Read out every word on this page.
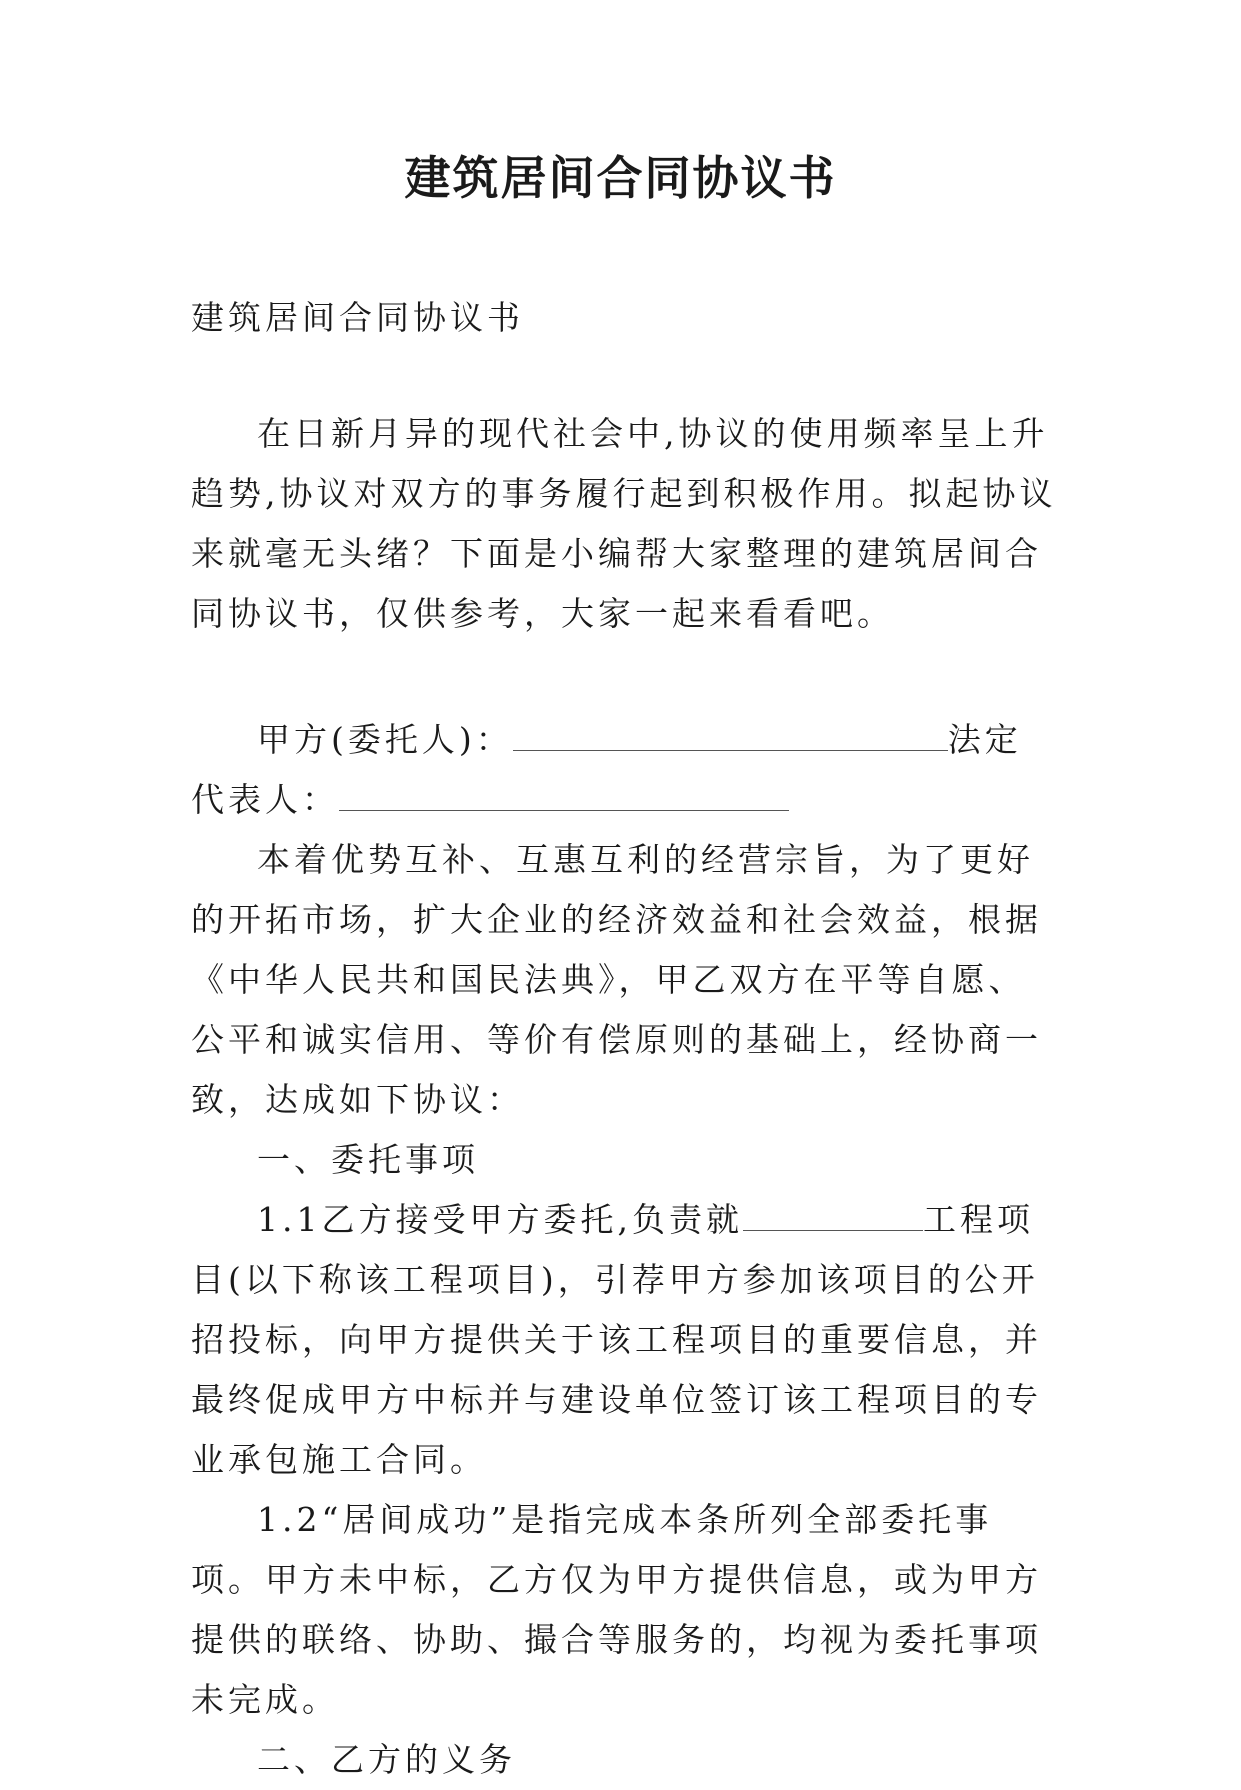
建筑居间合同协议书

建筑居间合同协议书

在日新月异的现代社会中,协议的使用频率呈上升趋势,协议对双方的事务履行起到积极作用。拟起协议来就毫无头绪？下面是小编帮大家整理的建筑居间合同协议书，仅供参考，大家一起来看看吧。

甲方(委托人)：	法定代表人：

本着优势互补、互惠互利的经营宗旨，为了更好的开拓市场，扩大企业的经济效益和社会效益，根据《中华人民共和国民法典》，甲乙双方在平等自愿、公平和诚实信用、等价有偿原则的基础上，经协商一致，达成如下协议：

一、委托事项

1.1乙方接受甲方委托,负责就	工程项目(以下称该工程项目)，引荐甲方参加该项目的公开招投标，向甲方提供关于该工程项目的重要信息，并最终促成甲方中标并与建设单位签订该工程项目的专业承包施工合同。

1.2“居间成功”是指完成本条所列全部委托事项。甲方未中标，乙方仅为甲方提供信息，或为甲方提供的联络、协助、撮合等服务的，均视为委托事项未完成。

二、乙方的义务
